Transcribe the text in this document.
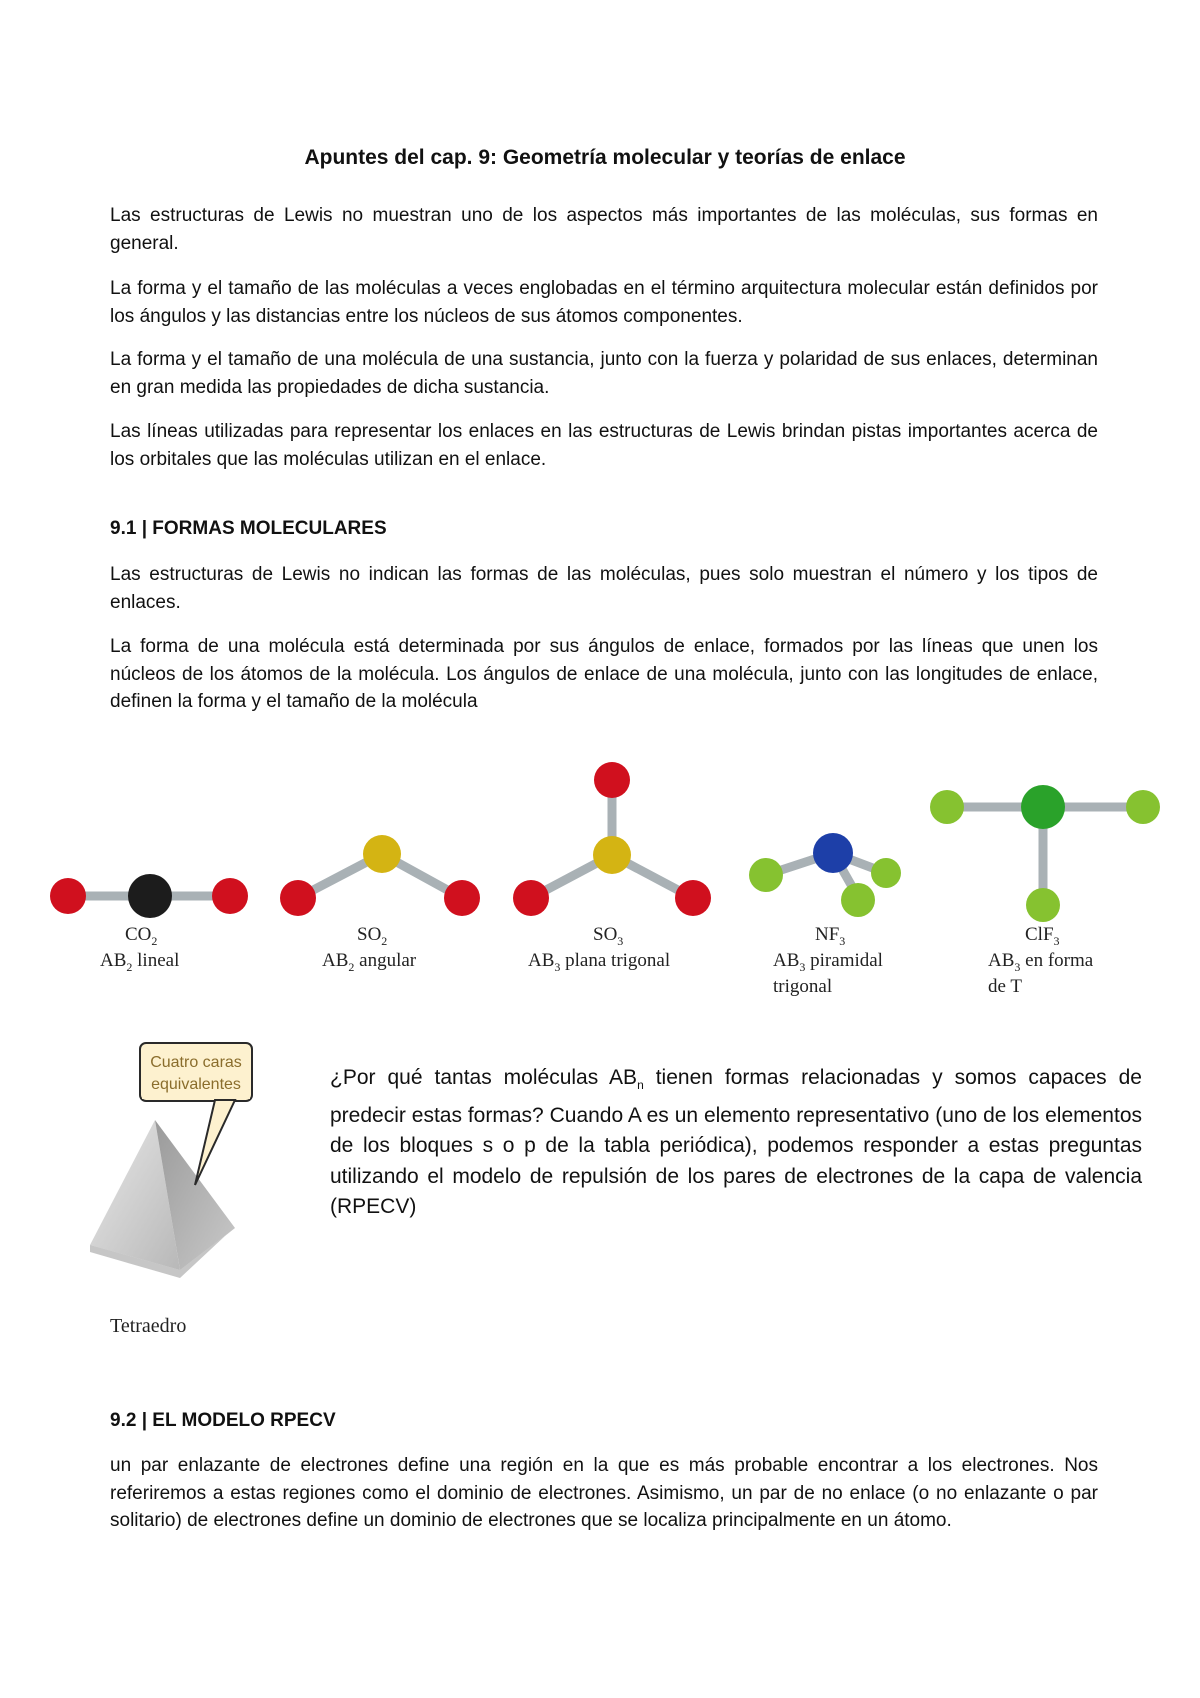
Apuntes del cap. 9: Geometría molecular y teorías de enlace

Las estructuras de Lewis no muestran uno de los aspectos más importantes de las moléculas, sus formas en general.

La forma y el tamaño de las moléculas a veces englobadas en el término arquitectura molecular están definidos por los ángulos y las distancias entre los núcleos de sus átomos componentes.

La forma y el tamaño de una molécula de una sustancia, junto con la fuerza y polaridad de sus enlaces, determinan en gran medida las propiedades de dicha sustancia.

Las líneas utilizadas para representar los enlaces en las estructuras de Lewis brindan pistas importantes acerca de los orbitales que las moléculas utilizan en el enlace.

9.1 | FORMAS MOLECULARES

Las estructuras de Lewis no indican las formas de las moléculas, pues solo muestran el número y los tipos de enlaces.

La forma de una molécula está determinada por sus ángulos de enlace, formados por las líneas que unen los núcleos de los átomos de la molécula. Los ángulos de enlace de una molécula, junto con las longitudes de enlace, definen la forma y el tamaño de la molécula

$CO_2$
$AB_2$ lineal
$SO_2$
$AB_2$ angular
$SO_3$
$AB_3$ plana trigonal
$NF_3$
$AB_3$ piramidal
trigonal
ClF$_3$
$AB_3$ en forma
de T
Cuatro caras
equivalentes
Tetraedro

¿Por qué tantas moléculas $AB_n$ tienen formas relacionadas y somos capaces de predecir estas formas? Cuando A es un elemento representativo (uno de los elementos de los bloques s o p de la tabla periódica), podemos responder a estas preguntas utilizando el modelo de repulsión de los pares de electrones de la capa de valencia (RPECV)

9.2 | EL MODELO RPECV

un par enlazante de electrones define una región en la que es más probable encontrar a los electrones. Nos referiremos a estas regiones como el dominio de electrones. Asimismo, un par de no enlace (o no enlazante o par solitario) de electrones define un dominio de electrones que se localiza principalmente en un átomo.
